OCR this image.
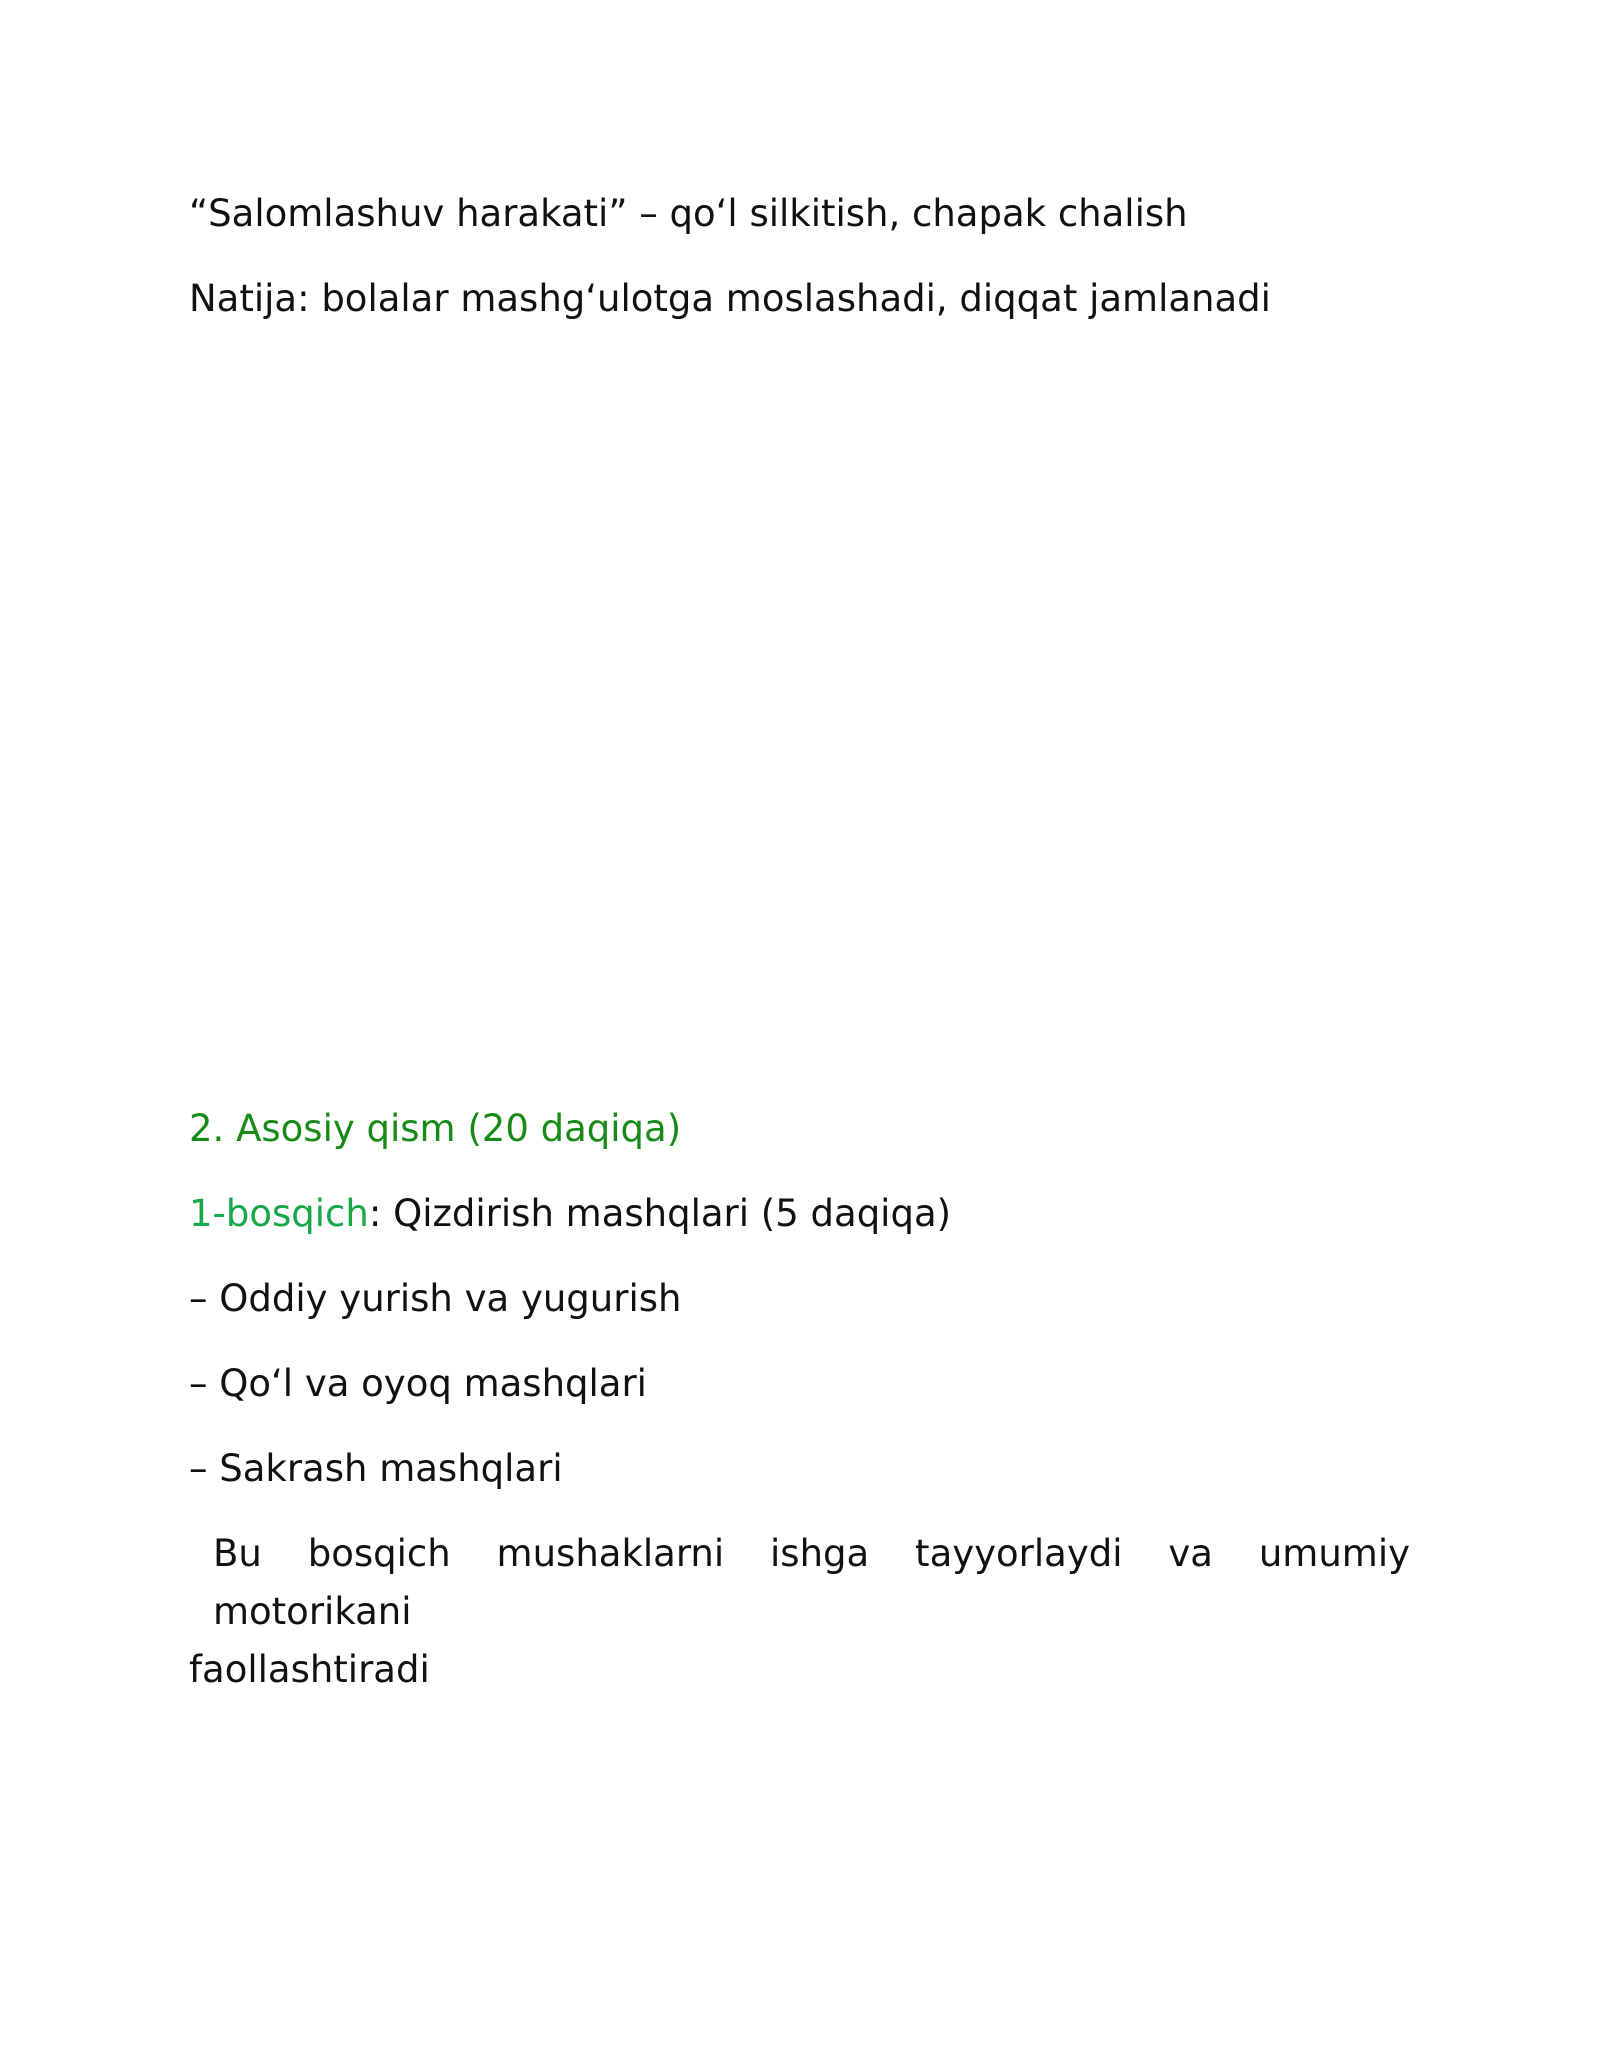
“Salomlashuv harakati” – qoʻl silkitish, chapak chalish

Natija: bolalar mashgʻulotga moslashadi, diqqat jamlanadi

2. Asosiy qism (20 daqiqa)

1-bosqich: Qizdirish mashqlari (5 daqiqa)

– Oddiy yurish va yugurish

– Qoʻl va oyoq mashqlari

– Sakrash mashqlari

Bu bosqich mushaklarni ishga tayyorlaydi va umumiy motorikani
faollashtiradi
